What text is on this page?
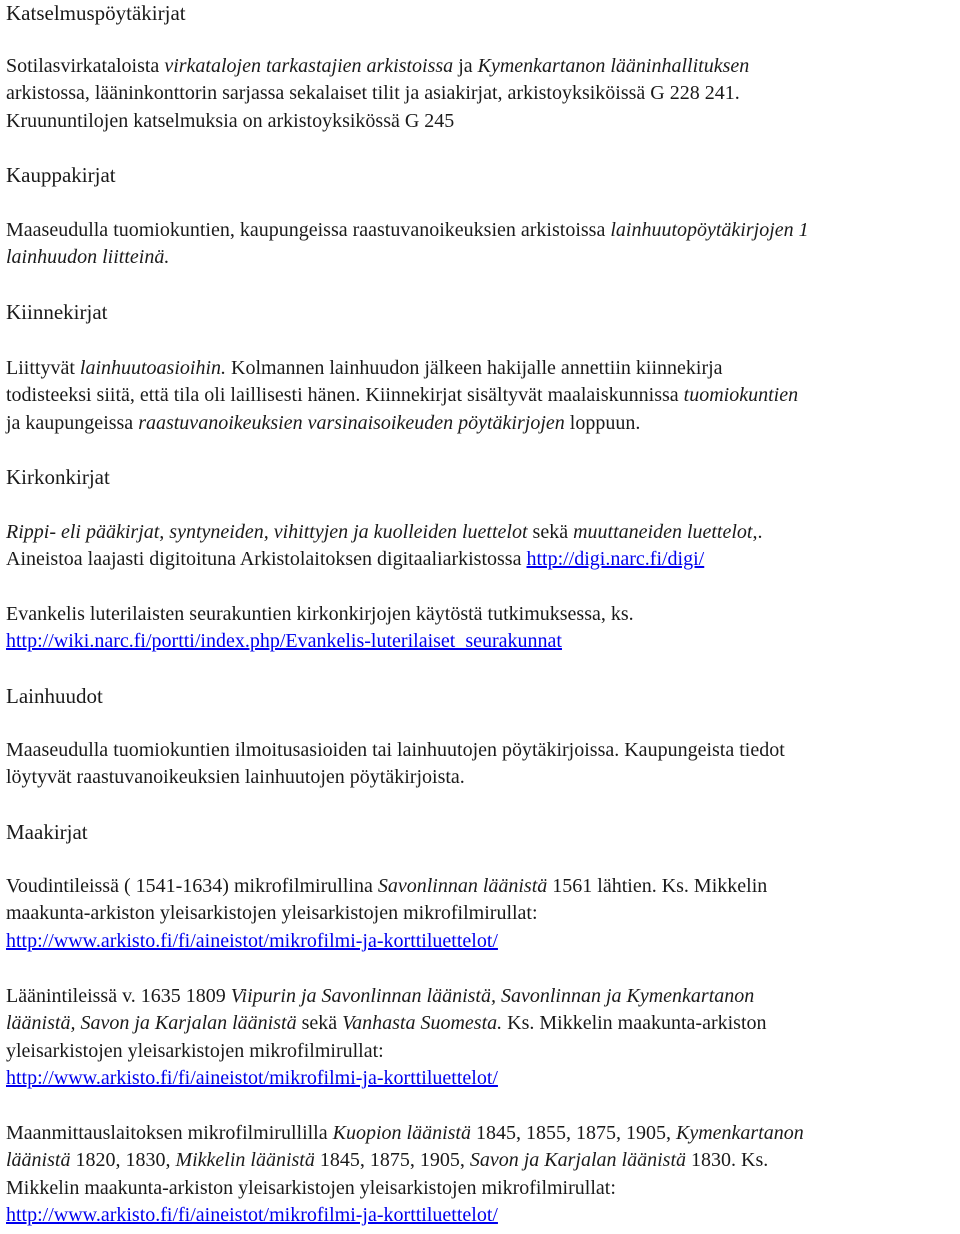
Katselmuspöytäkirjat

Sotilasvirkataloista virkatalojen tarkastajien arkistoissa ja Kymenkartanon lääninhallituksen
arkistossa, lääninkonttorin sarjassa sekalaiset tilit ja asiakirjat, arkistoyksiköissä G 228 241.
Kruununtilojen katselmuksia on arkistoyksikössä G 245

Kauppakirjat

Maaseudulla tuomiokuntien, kaupungeissa raastuvanoikeuksien arkistoissa lainhuutopöytäkirjojen 1
lainhuudon liitteinä.

Kiinnekirjat

Liittyvät lainhuutoasioihin. Kolmannen lainhuudon jälkeen hakijalle annettiin kiinnekirja
todisteeksi siitä, että tila oli laillisesti hänen. Kiinnekirjat sisältyvät maalaiskunnissa tuomiokuntien
ja kaupungeissa raastuvanoikeuksien varsinaisoikeuden pöytäkirjojen loppuun.

Kirkonkirjat

Rippi- eli pääkirjat, syntyneiden, vihittyjen ja kuolleiden luettelot sekä muuttaneiden luettelot,.
Aineistoa laajasti digitoituna Arkistolaitoksen digitaaliarkistossa http://digi.narc.fi/digi/

Evankelis luterilaisten seurakuntien kirkonkirjojen käytöstä tutkimuksessa, ks.
http://wiki.narc.fi/portti/index.php/Evankelis-luterilaiset_seurakunnat

Lainhuudot

Maaseudulla tuomiokuntien ilmoitusasioiden tai lainhuutojen pöytäkirjoissa. Kaupungeista tiedot
löytyvät raastuvanoikeuksien lainhuutojen pöytäkirjoista.

Maakirjat

Voudintileissä ( 1541-1634) mikrofilmirullina Savonlinnan läänistä 1561 lähtien. Ks. Mikkelin
maakunta-arkiston yleisarkistojen yleisarkistojen mikrofilmirullat:
http://www.arkisto.fi/fi/aineistot/mikrofilmi-ja-korttiluettelot/

Läänintileissä v. 1635 1809 Viipurin ja Savonlinnan läänistä, Savonlinnan ja Kymenkartanon
läänistä, Savon ja Karjalan läänistä sekä Vanhasta Suomesta. Ks. Mikkelin maakunta-arkiston
yleisarkistojen yleisarkistojen mikrofilmirullat:
http://www.arkisto.fi/fi/aineistot/mikrofilmi-ja-korttiluettelot/

Maanmittauslaitoksen mikrofilmirullilla Kuopion läänistä 1845, 1855, 1875, 1905, Kymenkartanon
läänistä 1820, 1830, Mikkelin läänistä 1845, 1875, 1905, Savon ja Karjalan läänistä 1830. Ks.
Mikkelin maakunta-arkiston yleisarkistojen yleisarkistojen mikrofilmirullat:
http://www.arkisto.fi/fi/aineistot/mikrofilmi-ja-korttiluettelot/
